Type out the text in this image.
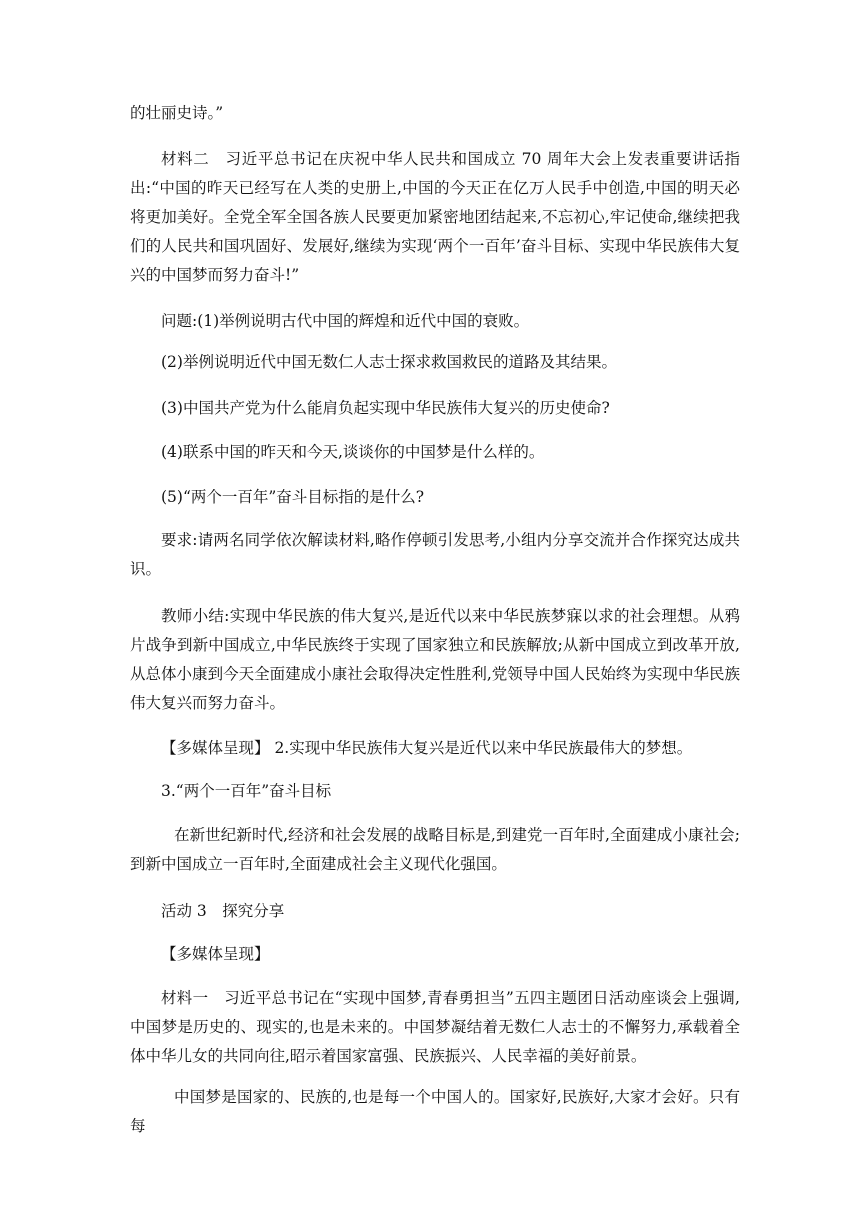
的壮丽史诗。”

材料二　习近平总书记在庆祝中华人民共和国成立 70 周年大会上发表重要讲话指出:“中国的昨天已经写在人类的史册上,中国的今天正在亿万人民手中创造,中国的明天必将更加美好。全党全军全国各族人民要更加紧密地团结起来,不忘初心,牢记使命,继续把我们的人民共和国巩固好、发展好,继续为实现‘两个一百年’奋斗目标、实现中华民族伟大复兴的中国梦而努力奋斗!”

问题:(1)举例说明古代中国的辉煌和近代中国的衰败。

(2)举例说明近代中国无数仁人志士探求救国救民的道路及其结果。

(3)中国共产党为什么能肩负起实现中华民族伟大复兴的历史使命?

(4)联系中国的昨天和今天,谈谈你的中国梦是什么样的。

(5)“两个一百年”奋斗目标指的是什么?

要求:请两名同学依次解读材料,略作停顿引发思考,小组内分享交流并合作探究达成共识。

教师小结:实现中华民族的伟大复兴,是近代以来中华民族梦寐以求的社会理想。从鸦片战争到新中国成立,中华民族终于实现了国家独立和民族解放;从新中国成立到改革开放,从总体小康到今天全面建成小康社会取得决定性胜利,党领导中国人民始终为实现中华民族伟大复兴而努力奋斗。

【多媒体呈现】 2.实现中华民族伟大复兴是近代以来中华民族最伟大的梦想。

3.“两个一百年”奋斗目标

在新世纪新时代,经济和社会发展的战略目标是,到建党一百年时,全面建成小康社会;到新中国成立一百年时,全面建成社会主义现代化强国。

活动 3　探究分享

【多媒体呈现】

材料一　习近平总书记在“实现中国梦,青春勇担当”五四主题团日活动座谈会上强调,中国梦是历史的、现实的,也是未来的。中国梦凝结着无数仁人志士的不懈努力,承载着全体中华儿女的共同向往,昭示着国家富强、民族振兴、人民幸福的美好前景。

中国梦是国家的、民族的,也是每一个中国人的。国家好,民族好,大家才会好。只有每
